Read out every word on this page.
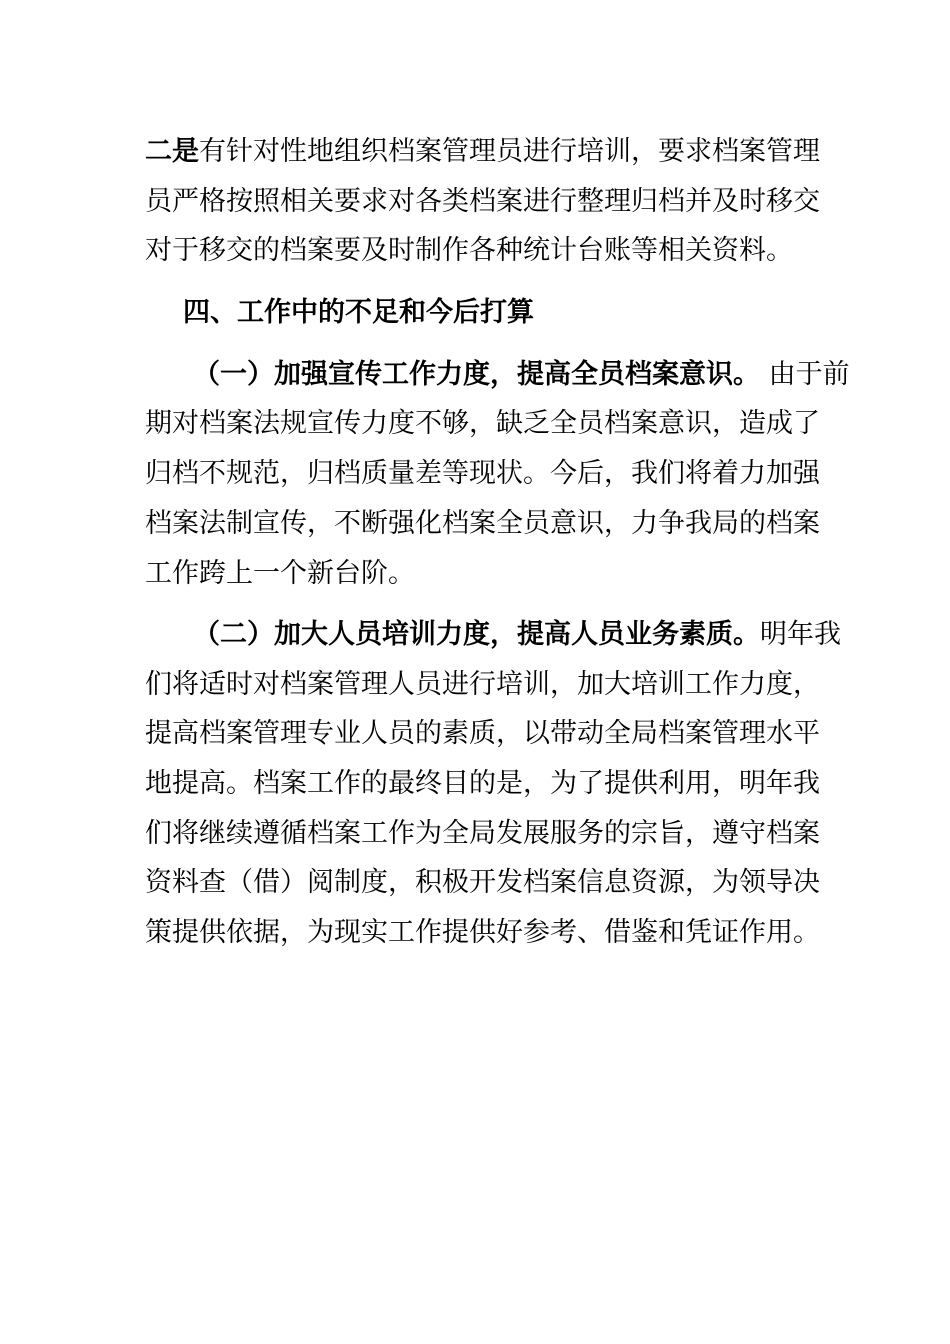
二是有针对性地组织档案管理员进行培训，要求档案管理
员严格按照相关要求对各类档案进行整理归档并及时移交
对于移交的档案要及时制作各种统计台账等相关资料。
四、工作中的不足和今后打算
（一）加强宣传工作力度，提高全员档案意识。 由于前
期对档案法规宣传力度不够，缺乏全员档案意识，造成了
归档不规范，归档质量差等现状。今后，我们将着力加强
档案法制宣传，不断强化档案全员意识，力争我局的档案
工作跨上一个新台阶。
（二）加大人员培训力度，提高人员业务素质。明年我
们将适时对档案管理人员进行培训，加大培训工作力度，
提高档案管理专业人员的素质，以带动全局档案管理水平
地提高。档案工作的最终目的是，为了提供利用，明年我
们将继续遵循档案工作为全局发展服务的宗旨，遵守档案
资料查（借）阅制度，积极开发档案信息资源，为领导决
策提供依据，为现实工作提供好参考、借鉴和凭证作用。
